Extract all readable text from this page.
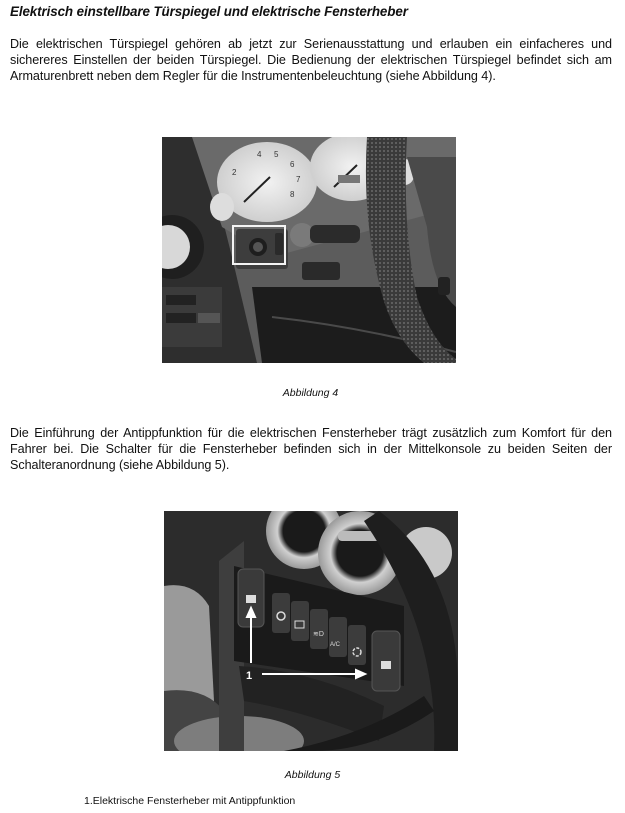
Elektrisch einstellbare Türspiegel und elektrische Fensterheber
Die elektrischen Türspiegel gehören ab jetzt zur Serienausstattung und erlauben ein einfacheres und sichereres Einstellen der beiden Türspiegel. Die Bedienung der elektrischen Türspiegel befindet sich am Armaturenbrett neben dem Regler für die Instrumentenbeleuchtung (siehe Abbildung 4).
2
4 5
6
7
8
Abbildung 4
Die Einführung der Antippfunktion für die elektrischen Fensterheber trägt zusätzlich zum Komfort für den Fahrer bei. Die Schalter für die Fensterheber befinden sich in der Mittelkonsole zu beiden Seiten der Schalteranordnung (siehe Abbildung 5).
≋D
A/C
1
Abbildung 5
1.Elektrische Fensterheber mit Antippfunktion
